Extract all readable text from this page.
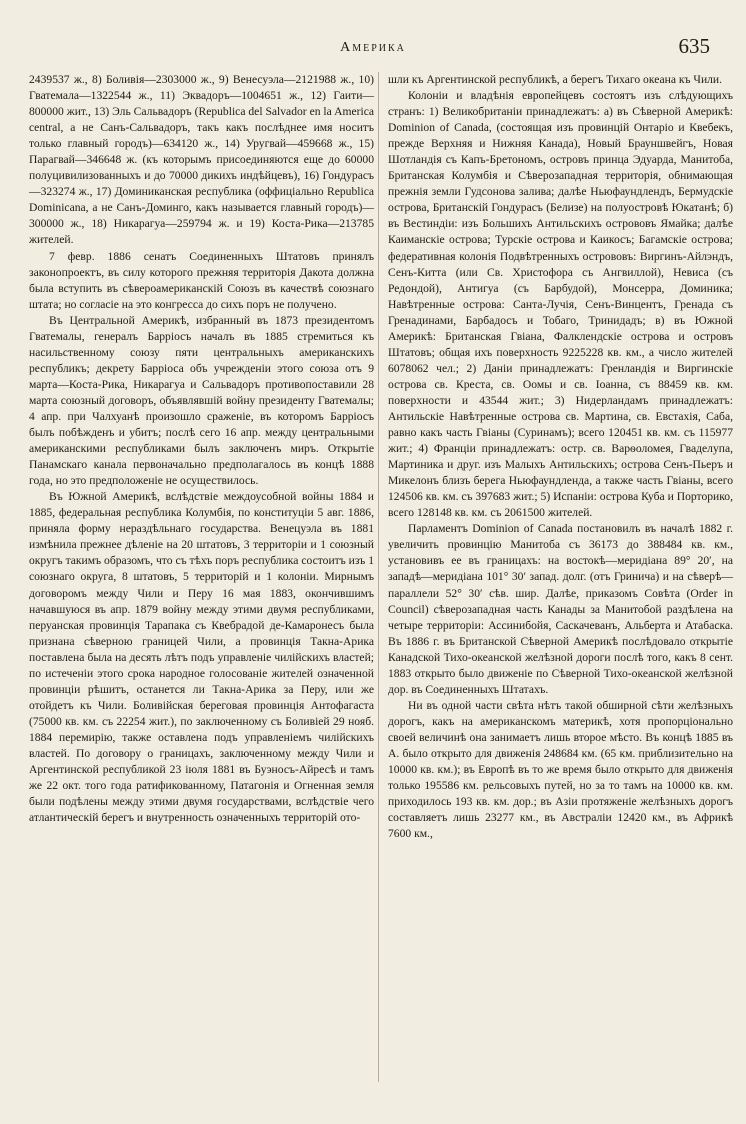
Америка	635

2439537 ж., 8) Боливія—2303000 ж., 9) Венесуэла—2121988 ж., 10) Гватемала—1322544 ж., 11) Эквадоръ—1004651 ж., 12) Гаити—800000 жит., 13) Эль Сальвадоръ (Republica del Salvador en la America central, а не Санъ-Сальвадоръ, такъ какъ послѣднее имя носитъ только главный городъ)—634120 ж., 14) Уругвай—459668 ж., 15) Парагвай—346648 ж. (къ которымъ присоединяются еще до 60000 полуцивилизованныхъ и до 70000 дикихъ индѣйцевъ), 16) Гондурасъ—323274 ж., 17) Доминиканская республика (оффиціально Republica Dominicana, а не Санъ-Доминго, какъ называется главный городъ)—300000 ж., 18) Никарагуа—259794 ж. и 19) Коста-Рика—213785 жителей.

7 февр. 1886 сенатъ Соединенныхъ Штатовъ принялъ законопроектъ, въ силу которого прежняя территорія Дакота должна была вступить въ сѣвероамериканскій Союзъ въ качествѣ союзнаго штата; но согласіе на это конгресса до сихъ поръ не получено.

Въ Центральной Америкѣ, избранный въ 1873 президентомъ Гватемалы, генералъ Барріосъ началъ въ 1885 стремиться къ насильственному союзу пяти центральныхъ американскихъ республикъ; декрету Барріоса объ учрежденіи этого союза отъ 9 марта—Коста-Рика, Никарагуа и Сальвадоръ противопоставили 28 марта союзный договоръ, объявлявшій войну президенту Гватемалы; 4 апр. при Чалхуанѣ произошло сраженіе, въ которомъ Барріосъ былъ побѣжденъ и убитъ; послѣ сего 16 апр. между центральными американскими республиками былъ заключенъ миръ. Открытіе Панамскаго канала первоначально предполагалось въ концѣ 1888 года, но это предположеніе не осуществилось.

Въ Южной Америкѣ, вслѣдствіе междоусобной войны 1884 и 1885, федеральная республика Колумбія, по конституціи 5 авг. 1886, приняла форму нераздѣльнаго государства. Венецуэла въ 1881 измѣнила прежнее дѣленіе на 20 штатовъ, 3 территоріи и 1 союзный округъ такимъ образомъ, что съ тѣхъ поръ республика состоитъ изъ 1 союзнаго округа, 8 штатовъ, 5 территорій и 1 колоніи. Мирнымъ договоромъ между Чили и Перу 16 мая 1883, окончившимъ начавшуюся въ апр. 1879 войну между этими двумя республиками, перуанская провинція Тарапака съ Квебрадой де-Камаронесъ была признана сѣверною границей Чили, а провинція Такна-Арика поставлена была на десять лѣтъ подъ управленіе чилійскихъ властей; по истеченіи этого срока народное голосованіе жителей означенной провинціи рѣшитъ, останется ли Такна-Арика за Перу, или же отойдетъ къ Чили. Боливійская береговая провинція Антофагаста (75000 кв. км. съ 22254 жит.), по заключенному съ Боливіей 29 нояб. 1884 перемирію, также оставлена подъ управленіемъ чилійскихъ властей. По договору о границахъ, заключенному между Чили и Аргентинской республикой 23 іюля 1881 въ Буэносъ-Айресѣ и тамъ же 22 окт. того года ратификованному, Патагонія и Огненная земля были подѣлены между этими двумя государствами, вслѣдствіе чего атлантическій берегъ и внутренность означенныхъ территорій ото-

шли къ Аргентинской республикѣ, а берегъ Тихаго океана къ Чили.

Колоніи и владѣнія европейцевъ состоятъ изъ слѣдующихъ странъ: 1) Великобританіи принадлежатъ: а) въ Сѣверной Америкѣ: Dominion of Canada, (состоящая изъ провинцій Онтаріо и Квебекъ, прежде Верхняя и Нижняя Канада), Новый Брауншвейгъ, Новая Шотландія съ Капъ-Бретономъ, островъ принца Эдуарда, Манитоба, Британская Колумбія и Сѣверозападная территорія, обнимающая прежнія земли Гудсонова залива; далѣе Ньюфаундлендъ, Бермудскіе острова, Британскій Гондурасъ (Белизе) на полуостровѣ Юкатанѣ; б) въ Вестиндіи: изъ Большихъ Антильскихъ острововъ Ямайка; далѣе Каиманскіе острова; Турскіе острова и Каикосъ; Багамскіе острова; федеративная колонія Подвѣтренныхъ острововъ: Виргинъ-Айлэндъ, Сенъ-Китта (или Св. Христофора съ Ангвиллой), Невиса (съ Редондой), Антигуа (съ Барбудой), Монсерра, Доминика; Навѣтренные острова: Санта-Лучія, Сенъ-Винцентъ, Гренада съ Гренадинами, Барбадосъ и Тобаго, Тринидадъ; в) въ Южной Америкѣ: Британская Гвіана, Фалклендскіе острова и островъ Штатовъ; общая ихъ поверхность 9225228 кв. км., а число жителей 6078062 чел.; 2) Даніи принадлежатъ: Гренландія и Виргинскіе острова св. Креста, св. Оомы и св. Іоанна, съ 88459 кв. км. поверхности и 43544 жит.; 3) Нидерландамъ принадлежатъ: Антильскіе Навѣтренные острова св. Мартина, св. Евстахія, Саба, равно какъ часть Гвіаны (Суринамъ); всего 120451 кв. км. съ 115977 жит.; 4) Франціи принадлежатъ: остр. св. Варѳоломея, Гваделупа, Мартиника и друг. изъ Малыхъ Антильскихъ; острова Сенъ-Пьеръ и Микелонъ близъ берега Ньюфаундленда, а также часть Гвіаны, всего 124506 кв. км. съ 397683 жит.; 5) Испаніи: острова Куба и Порторико, всего 128148 кв. км. съ 2061500 жителей.

Парламентъ Dominion of Canada постановилъ въ началѣ 1882 г. увеличить провинцію Манитоба съ 36173 до 388484 кв. км., установивъ ее въ границахъ: на востокѣ—меридіана 89° 20′, на западѣ—меридіана 101° 30′ запад. долг. (отъ Гринича) и на сѣверѣ—параллели 52° 30′ сѣв. шир. Далѣе, приказомъ Совѣта (Order in Council) сѣверозападная часть Канады за Манитобой раздѣлена на четыре территоріи: Ассинибойя, Саскачеванъ, Альберта и Атабаска. Въ 1886 г. въ Британской Сѣверной Америкѣ послѣдовало открытіе Канадской Тихо-океанской желѣзной дороги послѣ того, какъ 8 сент. 1883 открыто было движеніе по Сѣверной Тихо-океанской желѣзной дор. въ Соединенныхъ Штатахъ.

Ни въ одной части свѣта нѣтъ такой обширной сѣти желѣзныхъ дорогъ, какъ на американскомъ материкѣ, хотя пропорціонально своей величинѣ она занимаетъ лишь второе мѣсто. Въ концѣ 1885 въ А. было открыто для движенія 248684 км. (65 км. приблизительно на 10000 кв. км.); въ Европѣ въ то же время было открыто для движенія только 195586 км. рельсовыхъ путей, но за то тамъ на 10000 кв. км. приходилось 193 кв. км. дор.; въ Азіи протяженіе желѣзныхъ дорогъ составляетъ лишь 23277 км., въ Австраліи 12420 км., въ Африкѣ 7600 км.,
